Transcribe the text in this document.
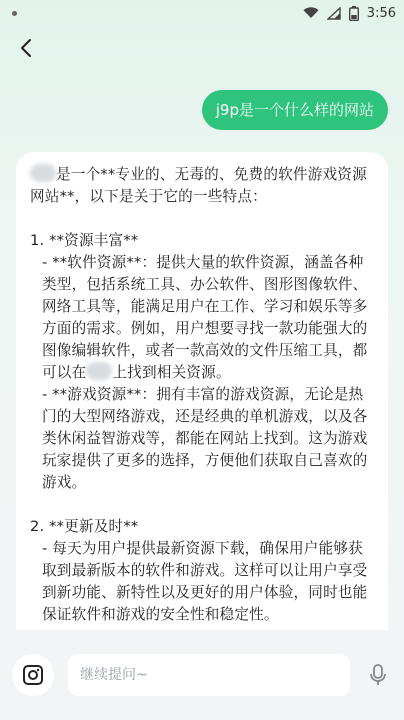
3:56
j9p是一个什么样的网站

是一个**专业的、无毒的、免费的软件游戏资源网站**，以下是关于它的一些特点：

1. **资源丰富**

- **软件资源**：提供大量的软件资源，涵盖各种类型，包括系统工具、办公软件、图形图像软件、网络工具等，能满足用户在工作、学习和娱乐等多方面的需求。例如，用户想要寻找一款功能强大的图像编辑软件，或者一款高效的文件压缩工具，都可以在 上找到相关资源。

- **游戏资源**：拥有丰富的游戏资源，无论是热门的大型网络游戏，还是经典的单机游戏，以及各类休闲益智游戏等，都能在网站上找到。这为游戏玩家提供了更多的选择，方便他们获取自己喜欢的游戏。

2. **更新及时**

- 每天为用户提供最新资源下载，确保用户能够获取到最新版本的软件和游戏。这样可以让用户享受到新功能、新特性以及更好的用户体验，同时也能保证软件和游戏的安全性和稳定性。

继续提问~
